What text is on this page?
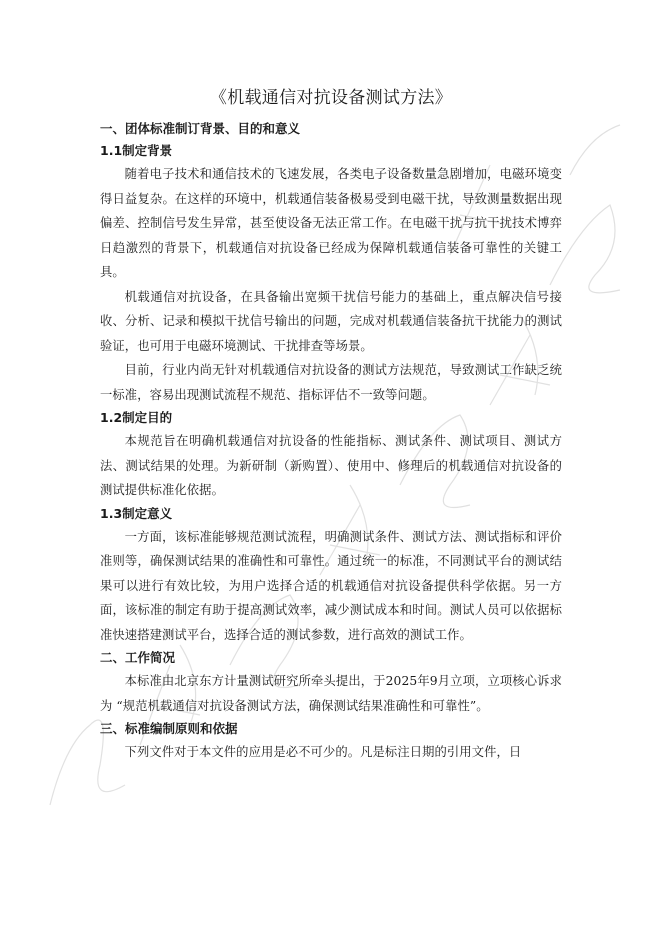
《机载通信对抗设备测试方法》
一、团体标准制订背景、目的和意义
1.1制定背景

随着电子技术和通信技术的飞速发展，各类电子设备数量急剧增加，电磁环境变得日益复杂。在这样的环境中，机载通信装备极易受到电磁干扰，导致测量数据出现偏差、控制信号发生异常，甚至使设备无法正常工作。在电磁干扰与抗干扰技术博弈日趋激烈的背景下，机载通信对抗设备已经成为保障机载通信装备可靠性的关键工具。

机载通信对抗设备，在具备输出宽频干扰信号能力的基础上，重点解决信号接收、分析、记录和模拟干扰信号输出的问题，完成对机载通信装备抗干扰能力的测试验证，也可用于电磁环境测试、干扰排查等场景。

目前，行业内尚无针对机载通信对抗设备的测试方法规范，导致测试工作缺乏统一标准，容易出现测试流程不规范、指标评估不一致等问题。

1.2制定目的

本规范旨在明确机载通信对抗设备的性能指标、测试条件、测试项目、测试方法、测试结果的处理。为新研制（新购置）、使用中、修理后的机载通信对抗设备的测试提供标准化依据。

1.3制定意义

一方面，该标准能够规范测试流程，明确测试条件、测试方法、测试指标和评价准则等，确保测试结果的准确性和可靠性。通过统一的标准，不同测试平台的测试结果可以进行有效比较，为用户选择合适的机载通信对抗设备提供科学依据。另一方面，该标准的制定有助于提高测试效率，减少测试成本和时间。测试人员可以依据标准快速搭建测试平台，选择合适的测试参数，进行高效的测试工作。

二、工作简况

本标准由北京东方计量测试研究所牵头提出，于2025年9月立项，立项核心诉求为 “规范机载通信对抗设备测试方法，确保测试结果准确性和可靠性”。

三、标准编制原则和依据

下列文件对于本文件的应用是必不可少的。凡是标注日期的引用文件，日
